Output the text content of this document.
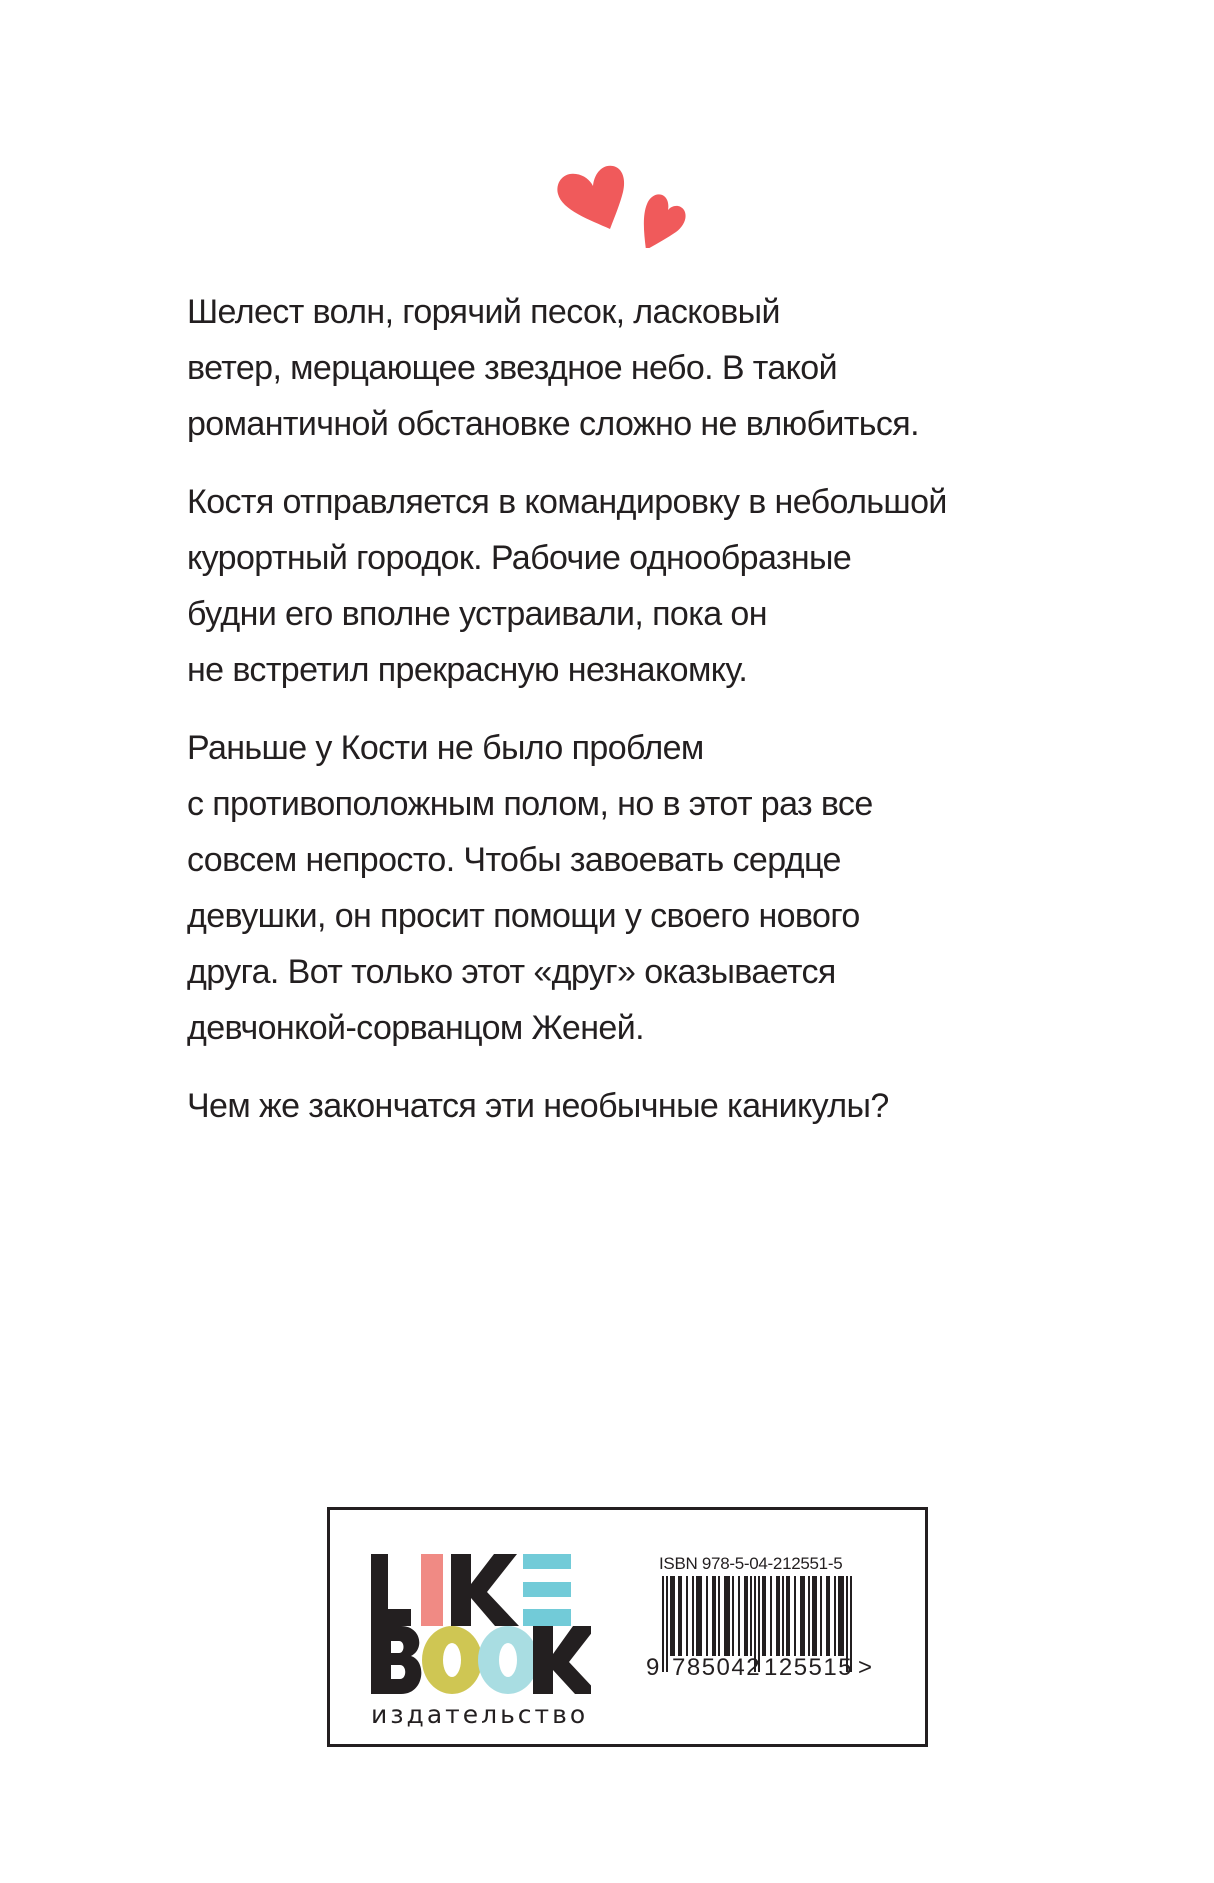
Шелест волн, горячий песок, ласковый
ветер, мерцающее звездное небо. В такой
романтичной обстановке сложно не влюбиться.

Костя отправляется в командировку в небольшой
курортный городок. Рабочие однообразные
будни его вполне устраивали, пока он
не встретил прекрасную незнакомку.

Раньше у Кости не было проблем
с противоположным полом, но в этот раз все
совсем непросто. Чтобы завоевать сердце
девушки, он просит помощи у своего нового
друга. Вот только этот «друг» оказывается
девчонкой-сорванцом Женей.

Чем же закончатся эти необычные каникулы?

издательство
ISBN 978-5-04-212551-5
9 785042 125515 >
